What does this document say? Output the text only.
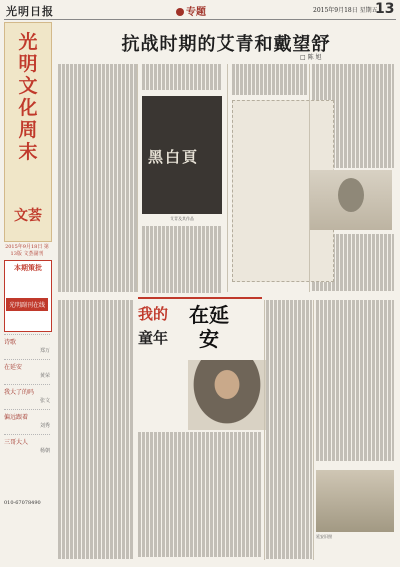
光明日报	专题	2015年9月18日 星期五
13
光明文化周末
文荟
2015年9月18日 第13版 文荟副刊
本期策批
光明副刊在线
诗歌
郑万
在延安
黄荣
我大了的吗
张文
偏远跟着
刘秀
三哥大人
杨朝
010-67078490
抗战时期的艾青和戴望舒
□ 陈 旭
黑白頁
艾青及其作品
我的
童年
在延安
延安旧照
